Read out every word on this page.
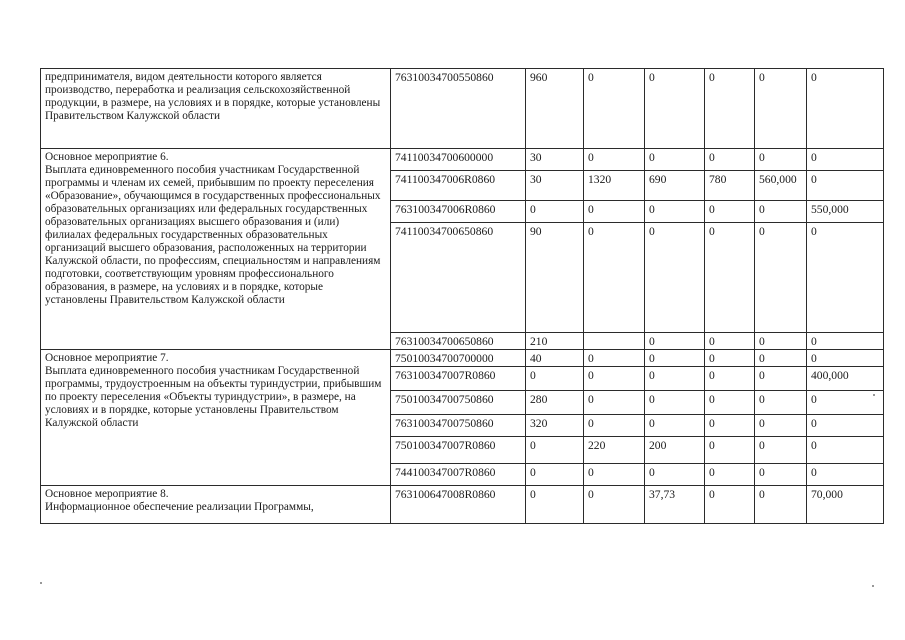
предпринимателя, видом деятельности которого является производство, переработка и реализация сельскохозяйственной продукции, в размере, на условиях и в порядке, которые установлены Правительством Калужской области	76310034700550860	960	0	0	0	0	0
Основное мероприятие 6.
Выплата единовременного пособия участникам Государственной программы и членам их семей, прибывшим по проекту переселения «Образование», обучающимся в государственных профессиональных образовательных организациях или федеральных государственных образовательных организациях высшего образования и (или) филиалах федеральных государственных образовательных организаций высшего образования, расположенных на территории Калужской области, по профессиям, специальностям и направлениям подготовки, соответствующим уровням профессионального образования, в размере, на условиях и в порядке, которые установлены Правительством Калужской области	74110034700600000	30	0	0	0	0	0
	741100347006R0860	30	1320	690	780	560,000	0
	763100347006R0860	0	0	0	0	0	550,000
	74110034700650860	90	0	0	0	0	0
	76310034700650860	210		0	0	0	0
Основное мероприятие 7.
Выплата единовременного пособия участникам Государственной программы, трудоустроенным на объекты туриндустрии, прибывшим по проекту переселения «Объекты туриндустрии», в размере, на условиях и в порядке, которые установлены Правительством Калужской области	75010034700700000	40	0	0	0	0	0
	763100347007R0860	0	0	0	0	0	400,000
	75010034700750860	280	0	0	0	0	0
	76310034700750860	320	0	0	0	0	0
	750100347007R0860	0	220	200	0	0	0
	744100347007R0860	0	0	0	0	0	0
Основное мероприятие 8.
Информационное обеспечение реализации Программы,	763100647008R0860	0	0	37,73	0	0	70,000
